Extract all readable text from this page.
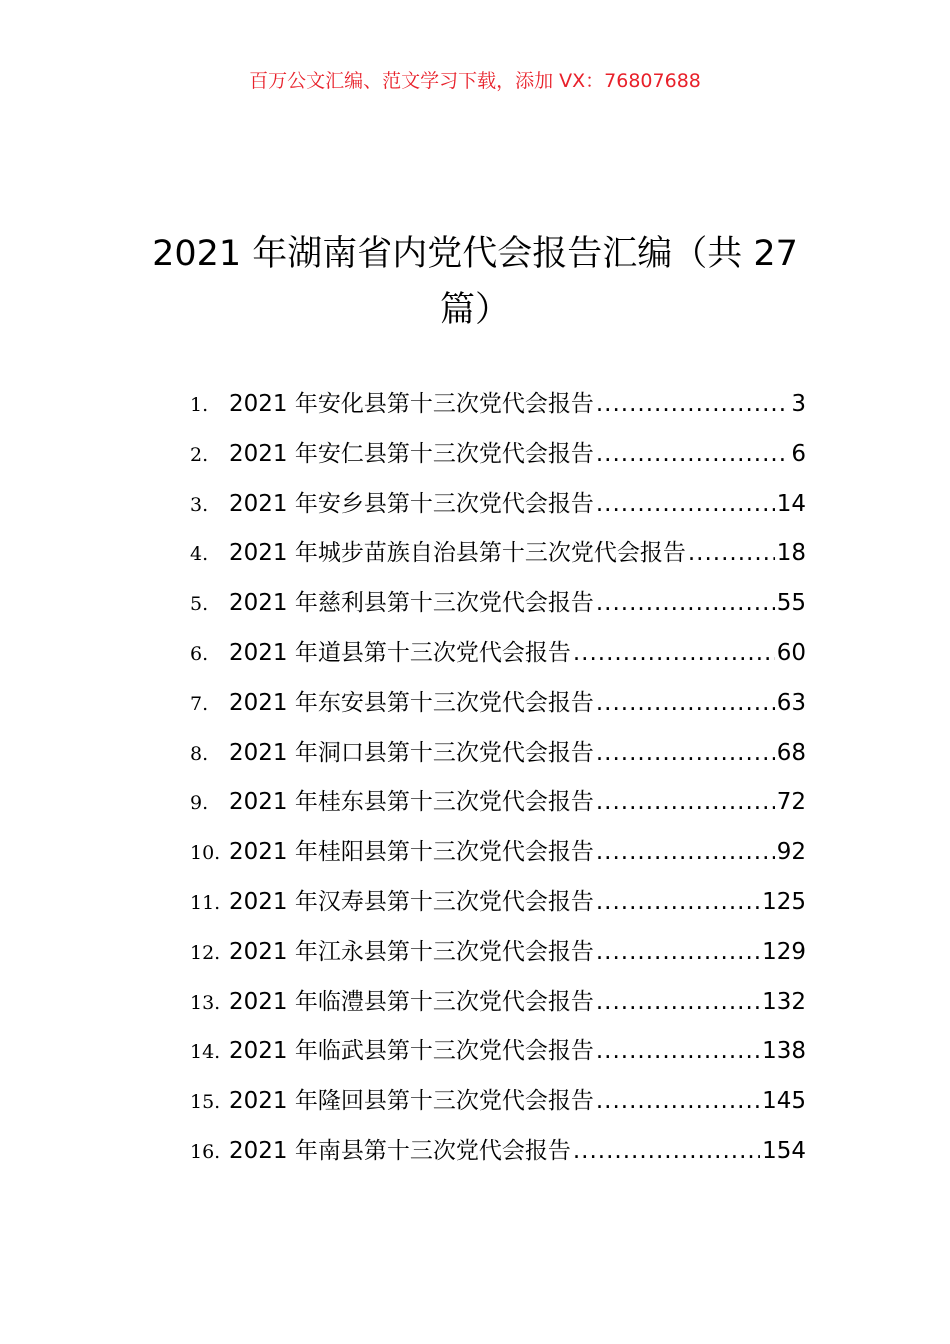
百万公文汇编、范文学习下载，添加 VX：76807688
2021 年湖南省内党代会报告汇编（共 27 篇）
1. 2021 年安化县第十三次党代会报告 .....	3
2. 2021 年安仁县第十三次党代会报告 .....	6
3. 2021 年安乡县第十三次党代会报告 .....	14
4. 2021 年城步苗族自治县第十三次党代会报告 .....	18
5. 2021 年慈利县第十三次党代会报告 .....	55
6. 2021 年道县第十三次党代会报告 .....	60
7. 2021 年东安县第十三次党代会报告 .....	63
8. 2021 年洞口县第十三次党代会报告 .....	68
9. 2021 年桂东县第十三次党代会报告 .....	72
10. 2021 年桂阳县第十三次党代会报告 .....	92
11. 2021 年汉寿县第十三次党代会报告 .....	125
12. 2021 年江永县第十三次党代会报告 .....	129
13. 2021 年临澧县第十三次党代会报告 .....	132
14. 2021 年临武县第十三次党代会报告 .....	138
15. 2021 年隆回县第十三次党代会报告 .....	145
16. 2021 年南县第十三次党代会报告 .....	154
